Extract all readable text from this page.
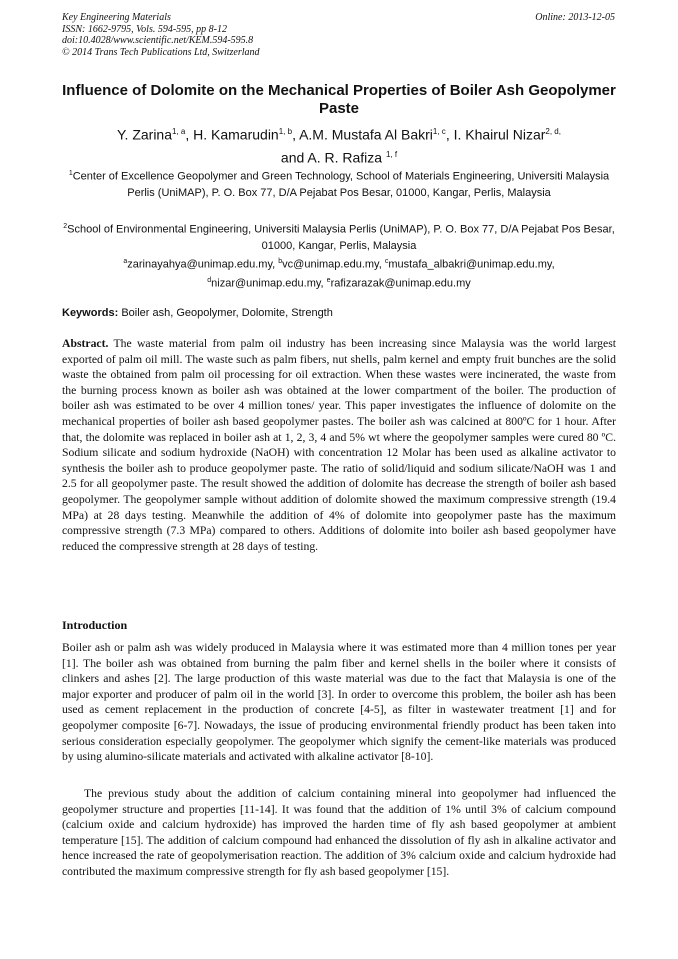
Key Engineering Materials
ISSN: 1662-9795, Vols. 594-595, pp 8-12
doi:10.4028/www.scientific.net/KEM.594-595.8
© 2014 Trans Tech Publications Ltd, Switzerland
Online: 2013-12-05
Influence of Dolomite on the Mechanical Properties of Boiler Ash Geopolymer Paste
Y. Zarina$^{1, a}$, H. Kamarudin$^{1, b}$, A.M. Mustafa Al Bakri$^{1, c}$, I. Khairul Nizar$^{2, d,}$
and A. R. Rafiza $^{1, f}$
$^1$Center of Excellence Geopolymer and Green Technology, School of Materials Engineering, Universiti Malaysia Perlis (UniMAP), P. O. Box 77, D/A Pejabat Pos Besar, 01000, Kangar, Perlis, Malaysia
$^2$School of Environmental Engineering, Universiti Malaysia Perlis (UniMAP), P. O. Box 77, D/A Pejabat Pos Besar, 01000, Kangar, Perlis, Malaysia
$^a$zarinayahya@unimap.edu.my, $^b$vc@unimap.edu.my, $^c$mustafa_albakri@unimap.edu.my,
$^d$nizar@unimap.edu.my, $^e$rafizarazak@unimap.edu.my
Keywords: Boiler ash, Geopolymer, Dolomite, Strength

Abstract. The waste material from palm oil industry has been increasing since Malaysia was the world largest exported of palm oil mill. The waste such as palm fibers, nut shells, palm kernel and empty fruit bunches are the solid waste the obtained from palm oil processing for oil extraction. When these wastes were incinerated, the waste from the burning process known as boiler ash was obtained at the lower compartment of the boiler. The production of boiler ash was estimated to be over 4 million tones/ year. This paper investigates the influence of dolomite on the mechanical properties of boiler ash based geopolymer pastes. The boiler ash was calcined at 800ºC for 1 hour. After that, the dolomite was replaced in boiler ash at 1, 2, 3, 4 and 5% wt where the geopolymer samples were cured 80 ºC. Sodium silicate and sodium hydroxide (NaOH) with concentration 12 Molar has been used as alkaline activator to synthesis the boiler ash to produce geopolymer paste. The ratio of solid/liquid and sodium silicate/NaOH was 1 and 2.5 for all geopolymer paste. The result showed the addition of dolomite has decrease the strength of boiler ash based geopolymer. The geopolymer sample without addition of dolomite showed the maximum compressive strength (19.4 MPa) at 28 days testing. Meanwhile the addition of 4% of dolomite into geopolymer paste has the maximum compressive strength (7.3 MPa) compared to others. Additions of dolomite into boiler ash based geopolymer have reduced the compressive strength at 28 days of testing.

Introduction

Boiler ash or palm ash was widely produced in Malaysia where it was estimated more than 4 million tones per year [1]. The boiler ash was obtained from burning the palm fiber and kernel shells in the boiler where it consists of clinkers and ashes [2]. The large production of this waste material was due to the fact that Malaysia is one of the major exporter and producer of palm oil in the world [3]. In order to overcome this problem, the boiler ash has been used as cement replacement in the production of concrete [4-5], as filter in wastewater treatment [1] and for geopolymer composite [6-7]. Nowadays, the issue of producing environmental friendly product has been taken into serious consideration especially geopolymer. The geopolymer which signify the cement-like materials was produced by using alumino-silicate materials and activated with alkaline activator [8-10].

The previous study about the addition of calcium containing mineral into geopolymer had influenced the geopolymer structure and properties [11-14]. It was found that the addition of 1% until 3% of calcium compound (calcium oxide and calcium hydroxide) has improved the harden time of fly ash based geopolymer at ambient temperature [15]. The addition of calcium compound had enhanced the dissolution of fly ash in alkaline activator and hence increased the rate of geopolymerisation reaction. The addition of 3% calcium oxide and calcium hydroxide had contributed the maximum compressive strength for fly ash based geopolymer [15].
